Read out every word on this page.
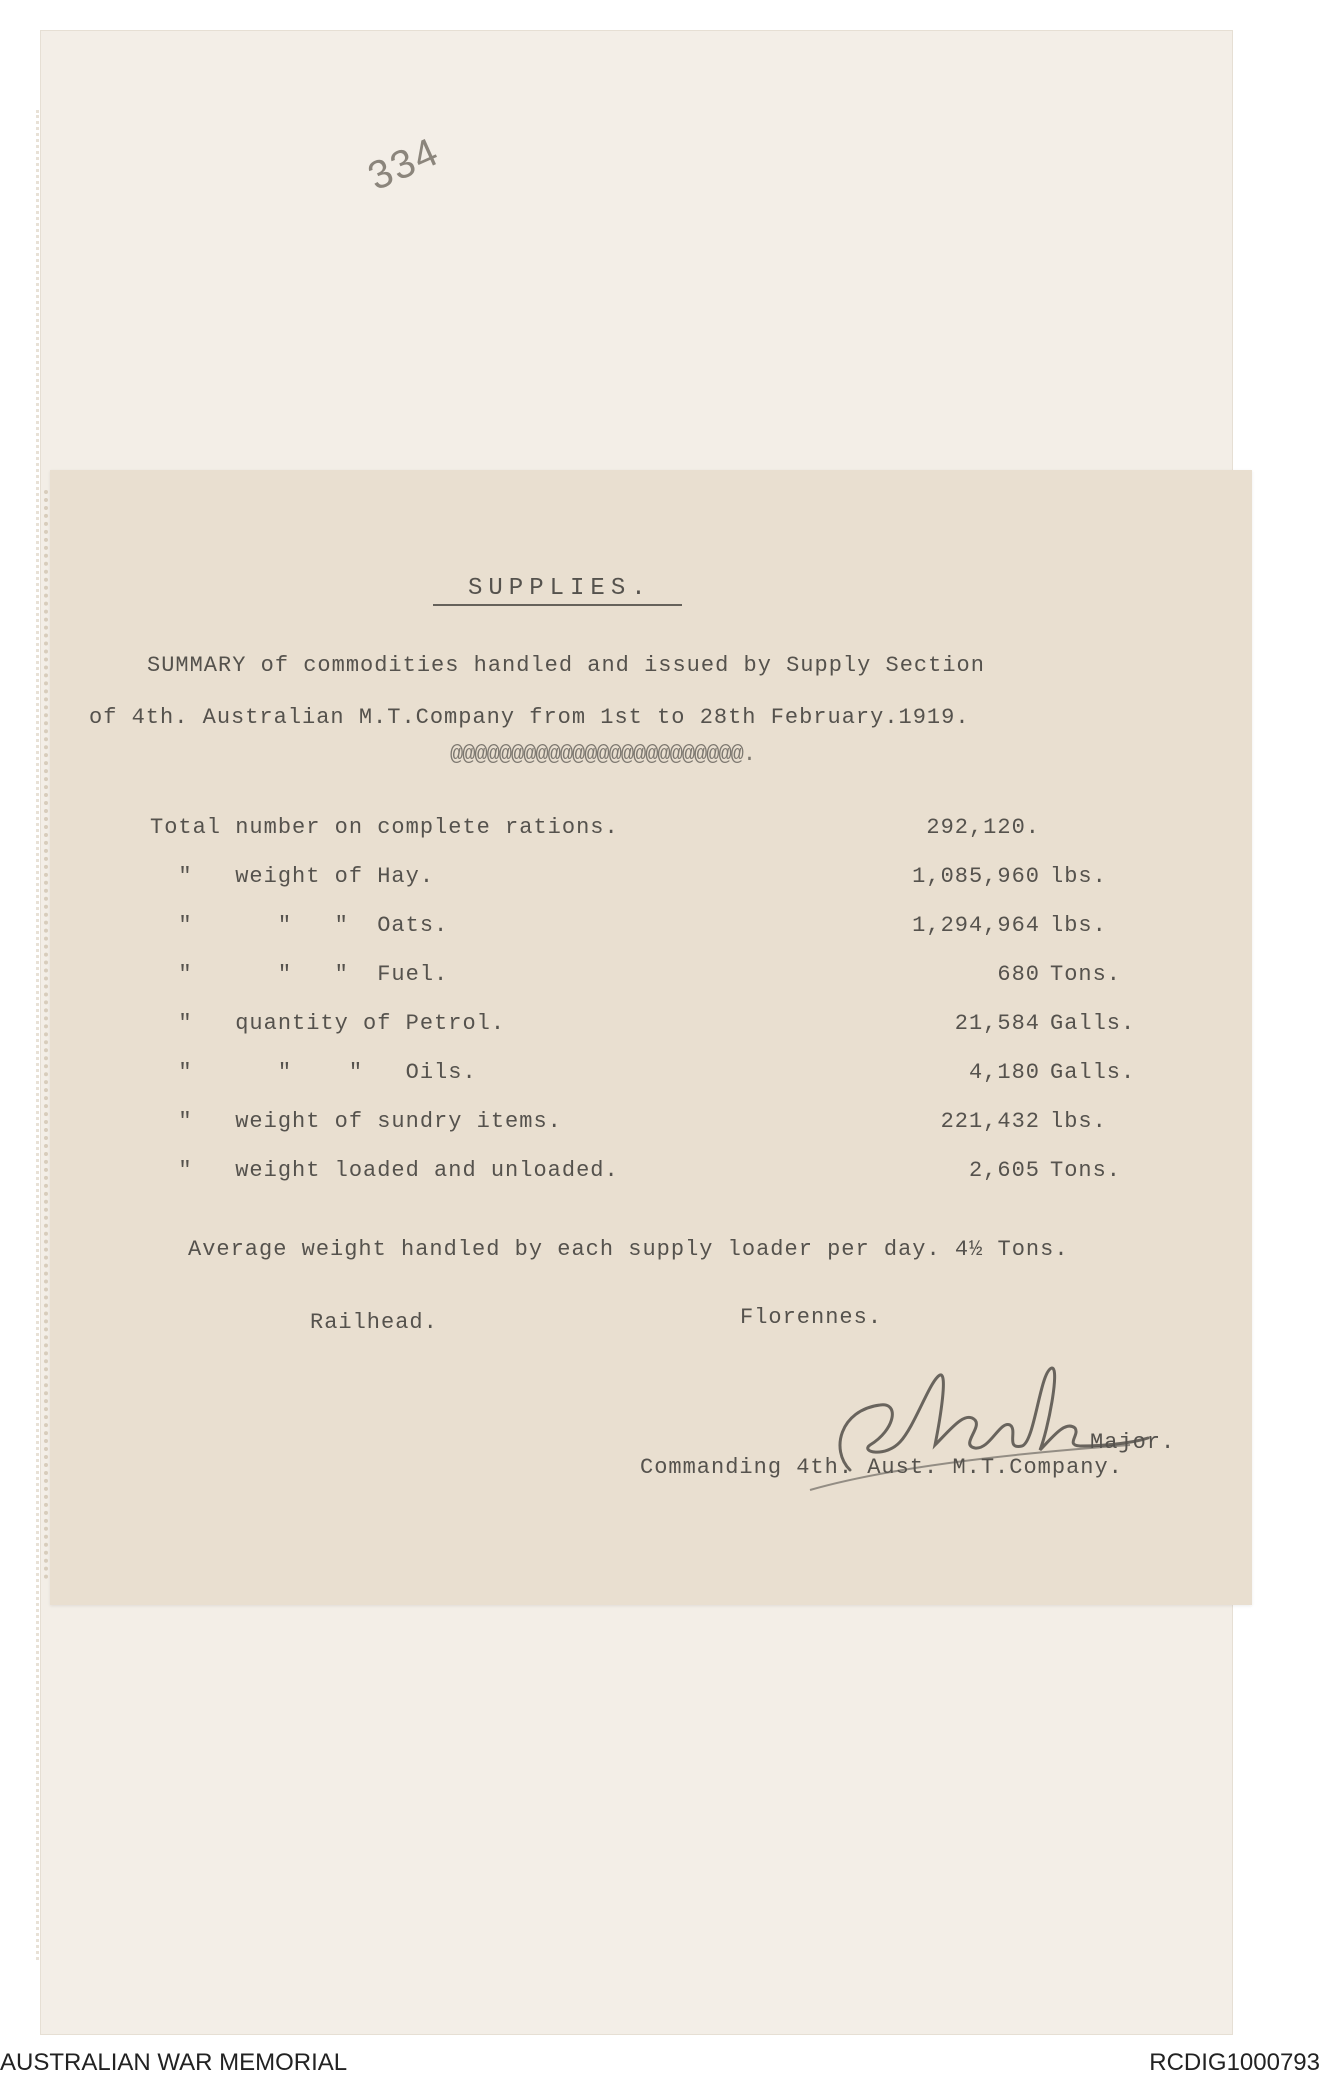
334
SUPPLIES.
SUMMARY of commodities handled and issued by Supply Section
of 4th. Australian M.T.Company from 1st to 28th February.1919.
@@@@@@@@@@@@@@@@@@@@@@@@.
Total number on complete rations.	292,120.
"   weight of Hay.	1,085,960 lbs.
"      "   "  Oats.	1,294,964 lbs.
"      "   "  Fuel.	680 Tons.
"   quantity of Petrol.	21,584 Galls.
"      "    "   Oils.	4,180 Galls.
"   weight of sundry items.	221,432 lbs.
"   weight loaded and unloaded.	2,605 Tons.
Average weight handled by each supply loader per day. 4½ Tons.
Railhead.	Florennes.
Major.
Commanding 4th. Aust. M.T.Company.
AUSTRALIAN WAR MEMORIAL	RCDIG1000793
